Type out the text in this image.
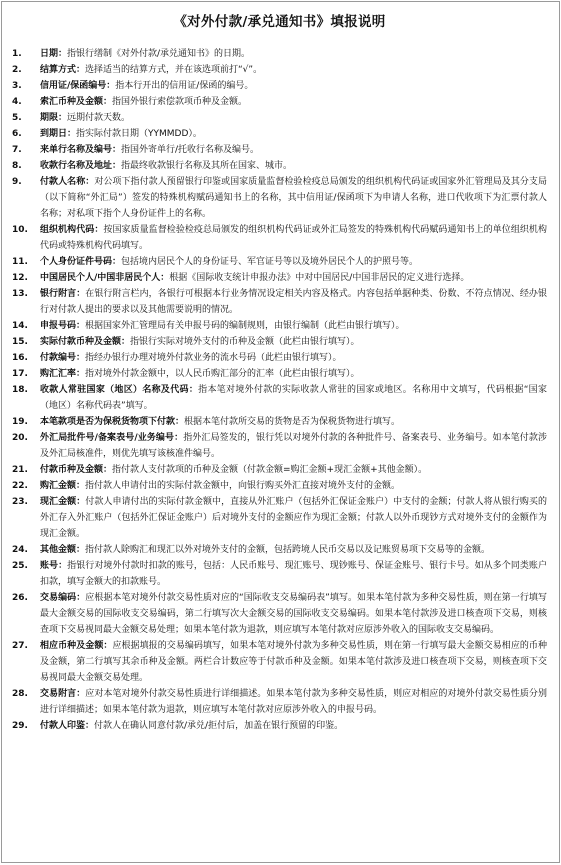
《对外付款/承兑通知书》填报说明
1.	日期：指银行缮制《对外付款/承兑通知书》的日期。
2.	结算方式：选择适当的结算方式，并在该选项前打“√”。
3.	信用证/保函编号：指本行开出的信用证/保函的编号。
4.	索汇币种及金额：指国外银行索偿款项币种及金额。
5.	期限：远期付款天数。
6.	到期日：指实际付款日期（YYMMDD）。
7.	来单行名称及编号：指国外寄单行/托收行名称及编号。
8.	收款行名称及地址：指最终收款银行名称及其所在国家、城市。
9.	付款人名称：对公项下指付款人预留银行印鉴或国家质量监督检验检疫总局颁发的组织机构代码证或国家外汇管理局及其分支局（以下简称“外汇局”）签发的特殊机构赋码通知书上的名称，其中信用证/保函项下为申请人名称，进口代收项下为汇票付款人名称；对私项下指个人身份证件上的名称。
10.	组织机构代码：按国家质量监督检验检疫总局颁发的组织机构代码证或外汇局签发的特殊机构代码赋码通知书上的单位组织机构代码或特殊机构代码填写。
11.	个人身份证件号码：包括境内居民个人的身份证号、军官证号等以及境外居民个人的护照号等。
12.	中国居民个人/中国非居民个人：根据《国际收支统计申报办法》中对中国居民/中国非居民的定义进行选择。
13.	银行附言：在银行附言栏内，各银行可根据本行业务情况设定相关内容及格式。内容包括单据种类、份数、不符点情况、经办银行对付款人提出的要求以及其他需要说明的情况。
14.	申报号码：根据国家外汇管理局有关申报号码的编制规则，由银行编制（此栏由银行填写）。
15.	实际付款币种及金额：指银行实际对境外支付的币种及金额（此栏由银行填写）。
16.	付款编号：指经办银行办理对境外付款业务的流水号码（此栏由银行填写）。
17.	购汇汇率：指对境外付款金额中，以人民币购汇部分的汇率（此栏由银行填写）。
18.	收款人常驻国家（地区）名称及代码：指本笔对境外付款的实际收款人常驻的国家或地区。名称用中文填写，代码根据“国家（地区）名称代码表”填写。
19.	本笔款项是否为保税货物项下付款：根据本笔付款所交易的货物是否为保税货物进行填写。
20.	外汇局批件号/备案表号/业务编号：指外汇局签发的，银行凭以对境外付款的各种批件号、备案表号、业务编号。如本笔付款涉及外汇局核准件，则优先填写该核准件编号。
21.	付款币种及金额：指付款人支付款项的币种及金额（付款金额=购汇金额+现汇金额+其他金额）。
22.	购汇金额：指付款人申请付出的实际付款金额中，向银行购买外汇直接对境外支付的金额。
23.	现汇金额：付款人申请付出的实际付款金额中，直接从外汇账户（包括外汇保证金账户）中支付的金额；付款人将从银行购买的外汇存入外汇账户（包括外汇保证金账户）后对境外支付的金额应作为现汇金额；付款人以外币现钞方式对境外支付的金额作为现汇金额。
24.	其他金额：指付款人除购汇和现汇以外对境外支付的金额，包括跨境人民币交易以及记账贸易项下交易等的金额。
25.	账号：指银行对境外付款时扣款的账号，包括：人民币账号、现汇账号、现钞账号、保证金账号、银行卡号。如从多个同类账户扣款，填写金额大的扣款账号。
26.	交易编码：应根据本笔对境外付款交易性质对应的“国际收支交易编码表”填写。如果本笔付款为多种交易性质，则在第一行填写最大金额交易的国际收支交易编码，第二行填写次大金额交易的国际收支交易编码。如果本笔付款涉及进口核查项下交易，则核查项下交易视同最大金额交易处理；如果本笔付款为退款，则应填写本笔付款对应原涉外收入的国际收支交易编码。
27.	相应币种及金额：应根据填报的交易编码填写，如果本笔对境外付款为多种交易性质，则在第一行填写最大金额交易相应的币种及金额，第二行填写其余币种及金额。两栏合计数应等于付款币种及金额。如果本笔付款涉及进口核查项下交易，则核查项下交易视同最大金额交易处理。
28.	交易附言：应对本笔对境外付款交易性质进行详细描述。如果本笔付款为多种交易性质，则应对相应的对境外付款交易性质分别进行详细描述；如果本笔付款为退款，则应填写本笔付款对应原涉外收入的申报号码。
29.	付款人印鉴：付款人在确认同意付款/承兑/拒付后，加盖在银行预留的印鉴。
